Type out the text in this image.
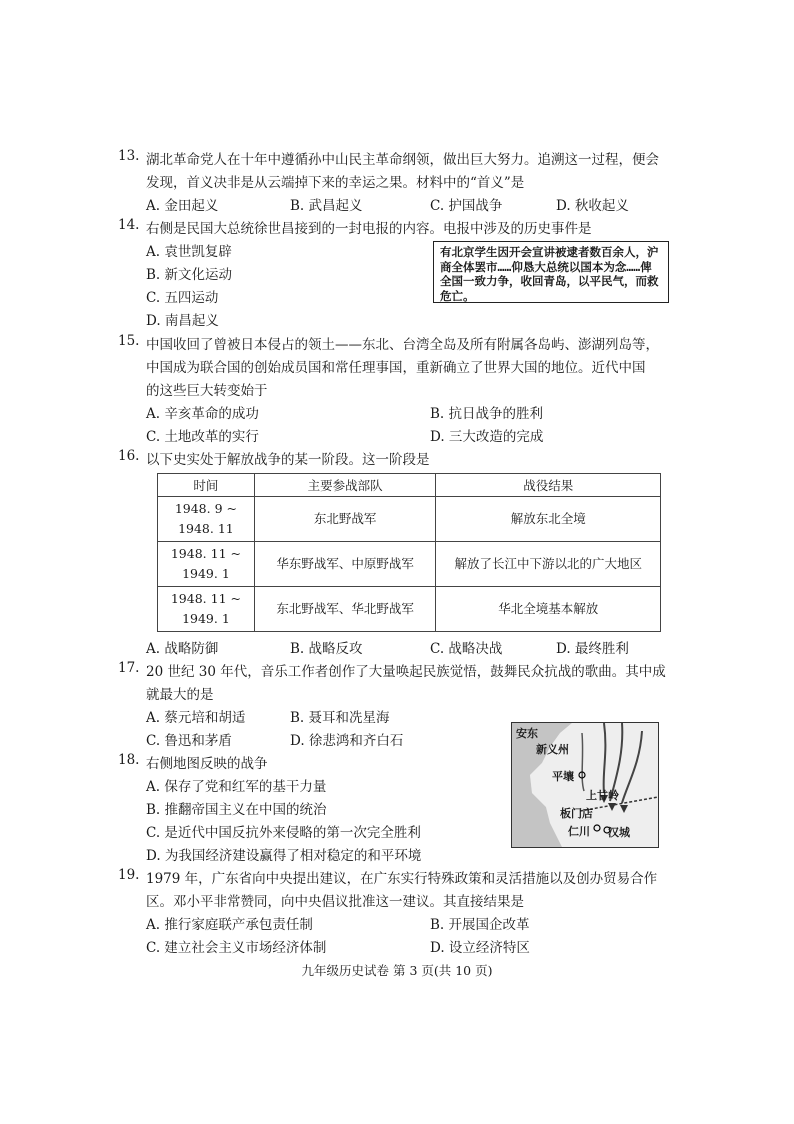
13. 湖北革命党人在十年中遵循孙中山民主革命纲领，做出巨大努力。追溯这一过程，便会
发现，首义决非是从云端掉下来的幸运之果。材料中的“首义”是
A. 金田起义	B. 武昌起义	C. 护国战争	D. 秋收起义
14. 右侧是民国大总统徐世昌接到的一封电报的内容。电报中涉及的历史事件是
A. 袁世凯复辟
B. 新文化运动
C. 五四运动
D. 南昌起义
有北京学生因开会宣讲被逮者数百余人，沪商全体罢市……仰恳大总统以国本为念……俾全国一致力争，收回青岛，以平民气，而救危亡。
15. 中国收回了曾被日本侵占的领土——东北、台湾全岛及所有附属各岛屿、澎湖列岛等，
中国成为联合国的创始成员国和常任理事国，重新确立了世界大国的地位。近代中国
的这些巨大转变始于
A. 辛亥革命的成功	B. 抗日战争的胜利
C. 土地改革的实行	D. 三大改造的完成
16. 以下史实处于解放战争的某一阶段。这一阶段是
时间	主要参战部队	战役结果

1948. 9 ~
1948. 11	东北野战军	解放东北全境

1948. 11 ~
1949. 1	华东野战军、中原野战军	解放了长江中下游以北的广大地区

1948. 11 ~
1949. 1	东北野战军、华北野战军	华北全境基本解放
A. 战略防御	B. 战略反攻	C. 战略决战	D. 最终胜利
17. 20 世纪 30 年代，音乐工作者创作了大量唤起民族觉悟，鼓舞民众抗战的歌曲。其中成
就最大的是
A. 蔡元培和胡适	B. 聂耳和冼星海
C. 鲁迅和茅盾	D. 徐悲鸿和齐白石
18. 右侧地图反映的战争
A. 保存了党和红军的基干力量
B. 推翻帝国主义在中国的统治
C. 是近代中国反抗外来侵略的第一次完全胜利
D. 为我国经济建设赢得了相对稳定的和平环境
安东
新义州
平壤
上甘岭
板门店
仁川 汉城
19. 1979 年，广东省向中央提出建议，在广东实行特殊政策和灵活措施以及创办贸易合作
区。邓小平非常赞同，向中央倡议批准这一建议。其直接结果是
A. 推行家庭联产承包责任制	B. 开展国企改革
C. 建立社会主义市场经济体制	D. 设立经济特区
九年级历史试卷 第 3 页(共 10 页)
